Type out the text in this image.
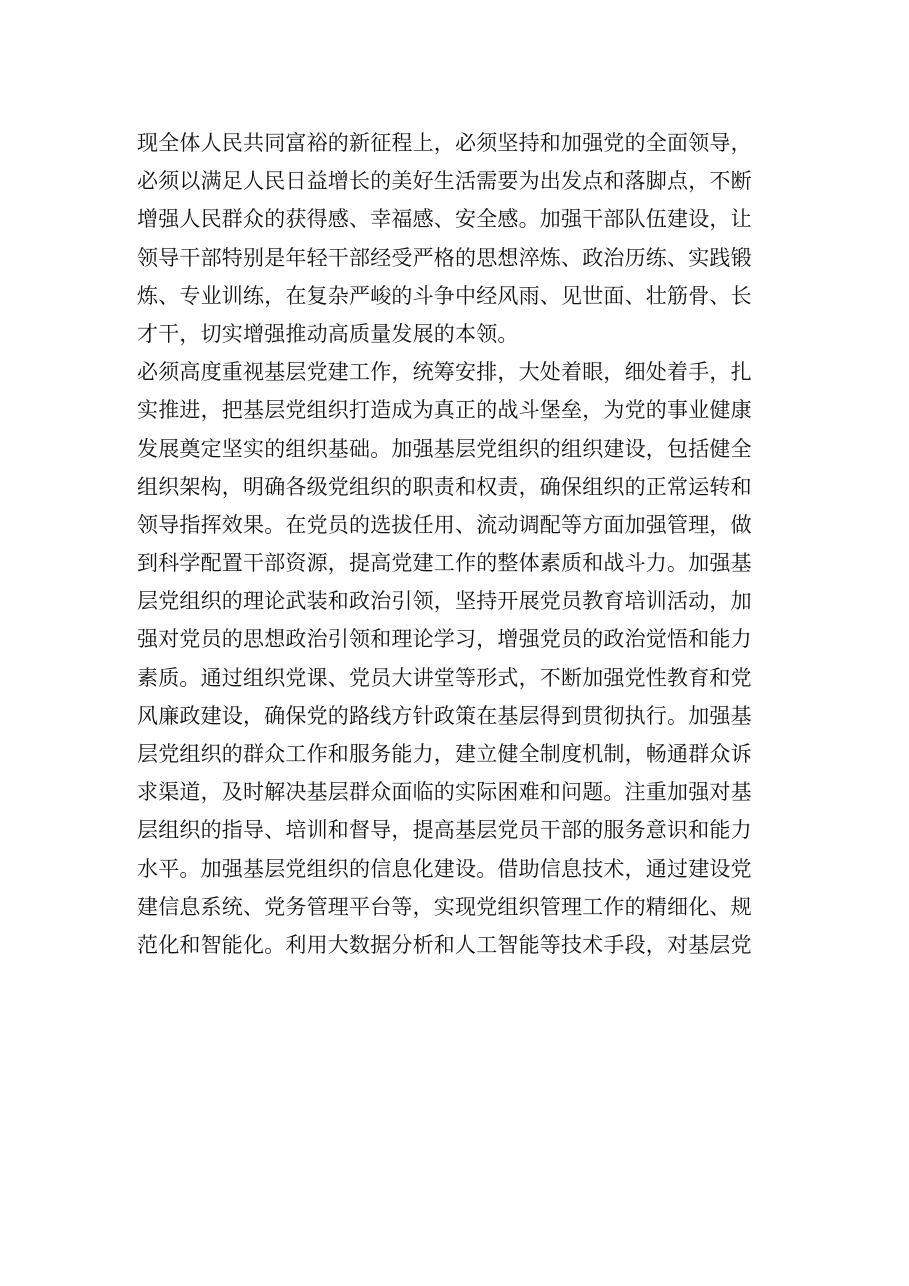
现全体人民共同富裕的新征程上，必须坚持和加强党的全面领导，
必须以满足人民日益增长的美好生活需要为出发点和落脚点，不断
增强人民群众的获得感、幸福感、安全感。加强干部队伍建设，让
领导干部特别是年轻干部经受严格的思想淬炼、政治历练、实践锻
炼、专业训练，在复杂严峻的斗争中经风雨、见世面、壮筋骨、长
才干，切实增强推动高质量发展的本领。
必须高度重视基层党建工作，统筹安排，大处着眼，细处着手，扎
实推进，把基层党组织打造成为真正的战斗堡垒，为党的事业健康
发展奠定坚实的组织基础。加强基层党组织的组织建设，包括健全
组织架构，明确各级党组织的职责和权责，确保组织的正常运转和
领导指挥效果。在党员的选拔任用、流动调配等方面加强管理，做
到科学配置干部资源，提高党建工作的整体素质和战斗力。加强基
层党组织的理论武装和政治引领，坚持开展党员教育培训活动，加
强对党员的思想政治引领和理论学习，增强党员的政治觉悟和能力
素质。通过组织党课、党员大讲堂等形式，不断加强党性教育和党
风廉政建设，确保党的路线方针政策在基层得到贯彻执行。加强基
层党组织的群众工作和服务能力，建立健全制度机制，畅通群众诉
求渠道，及时解决基层群众面临的实际困难和问题。注重加强对基
层组织的指导、培训和督导，提高基层党员干部的服务意识和能力
水平。加强基层党组织的信息化建设。借助信息技术，通过建设党
建信息系统、党务管理平台等，实现党组织管理工作的精细化、规
范化和智能化。利用大数据分析和人工智能等技术手段，对基层党
